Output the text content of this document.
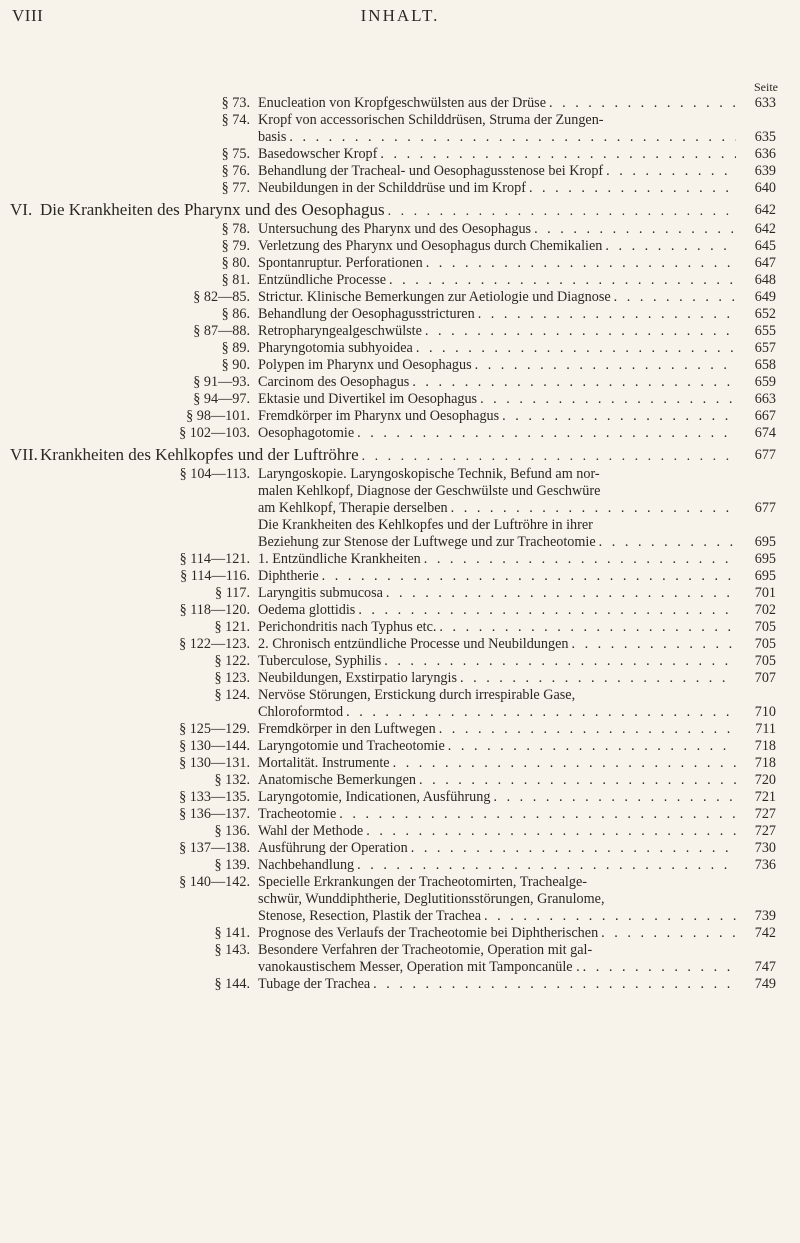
VIII	INHALT.
Seite
§ 73. Enucleation von Kropfgeschwülsten aus der Drüse . . .	633
§ 74. Kropf von accessorischen Schilddrüsen, Struma der Zungen-
basis . . .	635
§ 75. Basedowscher Kropf . . .	636
§ 76. Behandlung der Tracheal- und Oesophagusstenose bei Kropf . . .	639
§ 77. Neubildungen in der Schilddrüse und im Kropf . . .	640
VI. Die Krankheiten des Pharynx und des Oesophagus . . .	642
§ 78. Untersuchung des Pharynx und des Oesophagus . . .	642
§ 79. Verletzung des Pharynx und Oesophagus durch Chemikalien . . .	645
§ 80. Spontanruptur. Perforationen . . .	647
§ 81. Entzündliche Processe . . .	648
§ 82—85. Strictur. Klinische Bemerkungen zur Aetiologie und Diagnose . . .	649
§ 86. Behandlung der Oesophagusstricturen . . .	652
§ 87—88. Retropharyngealgeschwülste . . .	655
§ 89. Pharyngotomia subhyoidea . . .	657
§ 90. Polypen im Pharynx und Oesophagus . . .	658
§ 91—93. Carcinom des Oesophagus . . .	659
§ 94—97. Ektasie und Divertikel im Oesophagus . . .	663
§ 98—101. Fremdkörper im Pharynx und Oesophagus . . .	667
§ 102—103. Oesophagotomie . . .	674
VII. Krankheiten des Kehlkopfes und der Luftröhre . . .	677
§ 104—113. Laryngoskopie. Laryngoskopische Technik, Befund am nor-
malen Kehlkopf, Diagnose der Geschwülste und Geschwüre
am Kehlkopf, Therapie derselben . . .	677
Die Krankheiten des Kehlkopfes und der Luftröhre in ihrer
Beziehung zur Stenose der Luftwege und zur Tracheotomie . . .	695
§ 114—121. 1. Entzündliche Krankheiten . . .	695
§ 114—116. Diphtherie . . .	695
§ 117. Laryngitis submucosa . . .	701
§ 118—120. Oedema glottidis . . .	702
§ 121. Perichondritis nach Typhus etc. . . .	705
§ 122—123. 2. Chronisch entzündliche Processe und Neubildungen . . .	705
§ 122. Tuberculose, Syphilis . . .	705
§ 123. Neubildungen, Exstirpatio laryngis . . .	707
§ 124. Nervöse Störungen, Erstickung durch irrespirable Gase,
Chloroformtod . . .	710
§ 125—129. Fremdkörper in den Luftwegen . . .	711
§ 130—144. Laryngotomie und Tracheotomie . . .	718
§ 130—131. Mortalität. Instrumente . . .	718
§ 132. Anatomische Bemerkungen . . .	720
§ 133—135. Laryngotomie, Indicationen, Ausführung . . .	721
§ 136—137. Tracheotomie . . .	727
§ 136. Wahl der Methode . . .	727
§ 137—138. Ausführung der Operation . . .	730
§ 139. Nachbehandlung . . .	736
§ 140—142. Specielle Erkrankungen der Tracheotomirten, Trachealge-
schwür, Wunddiphtherie, Deglutitionsstörungen, Granulome,
Stenose, Resection, Plastik der Trachea . . .	739
§ 141. Prognose des Verlaufs der Tracheotomie bei Diphtherischen . . .	742
§ 143. Besondere Verfahren der Tracheotomie, Operation mit gal-
vanokaustischem Messer, Operation mit Tamponcanüle . . . .	747
§ 144. Tubage der Trachea . . .	749
